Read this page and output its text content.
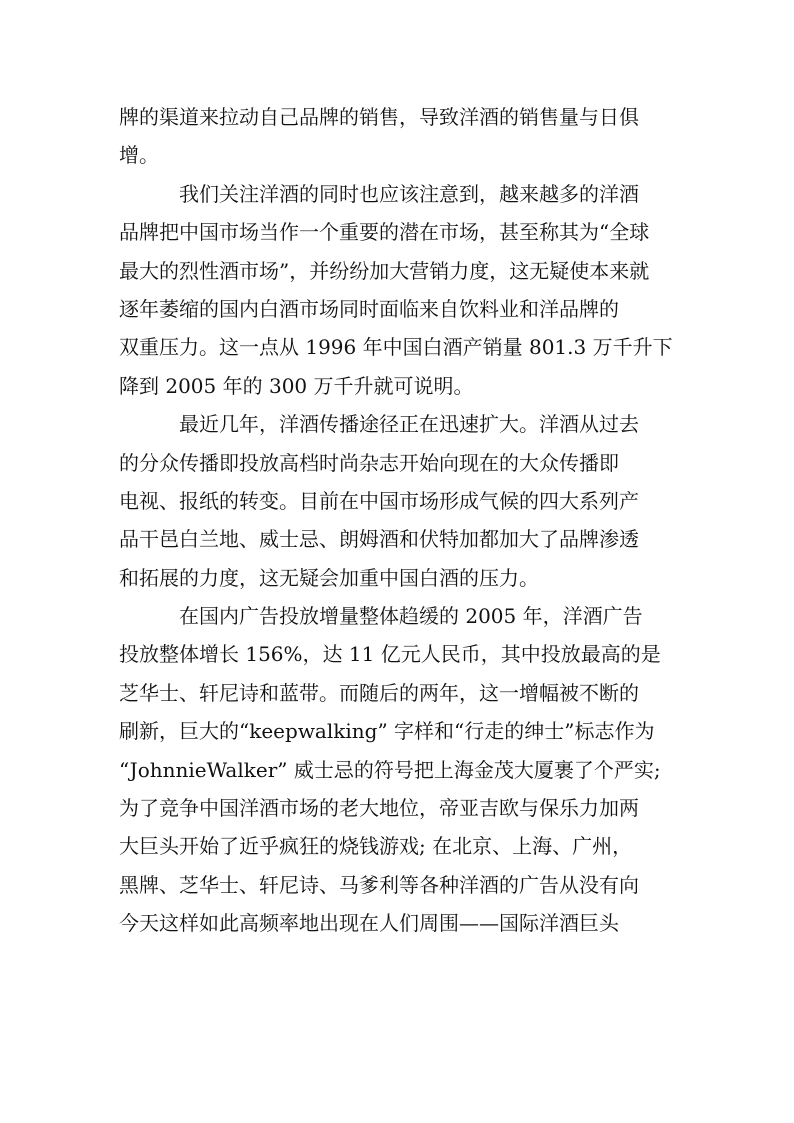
牌的渠道来拉动自己品牌的销售，导致洋酒的销售量与日俱
增。
我们关注洋酒的同时也应该注意到，越来越多的洋酒
品牌把中国市场当作一个重要的潜在市场，甚至称其为“全球
最大的烈性酒市场”，并纷纷加大营销力度，这无疑使本来就
逐年萎缩的国内白酒市场同时面临来自饮料业和洋品牌的
双重压力。这一点从 1996 年中国白酒产销量 801.3 万千升下
降到 2005 年的 300 万千升就可说明。
最近几年，洋酒传播途径正在迅速扩大。洋酒从过去
的分众传播即投放高档时尚杂志开始向现在的大众传播即
电视、报纸的转变。目前在中国市场形成气候的四大系列产
品干邑白兰地、威士忌、朗姆酒和伏特加都加大了品牌渗透
和拓展的力度，这无疑会加重中国白酒的压力。
在国内广告投放增量整体趋缓的 2005 年，洋酒广告
投放整体增长 156%，达 11 亿元人民币，其中投放最高的是
芝华士、轩尼诗和蓝带。而随后的两年，这一增幅被不断的
刷新，巨大的“keepwalking” 字样和“行走的绅士”标志作为
“JohnnieWalker” 威士忌的符号把上海金茂大厦裹了个严实;
为了竞争中国洋酒市场的老大地位，帝亚吉欧与保乐力加两
大巨头开始了近乎疯狂的烧钱游戏; 在北京、上海、广州，
黑牌、芝华士、轩尼诗、马爹利等各种洋酒的广告从没有向
今天这样如此高频率地出现在人们周围——国际洋酒巨头
